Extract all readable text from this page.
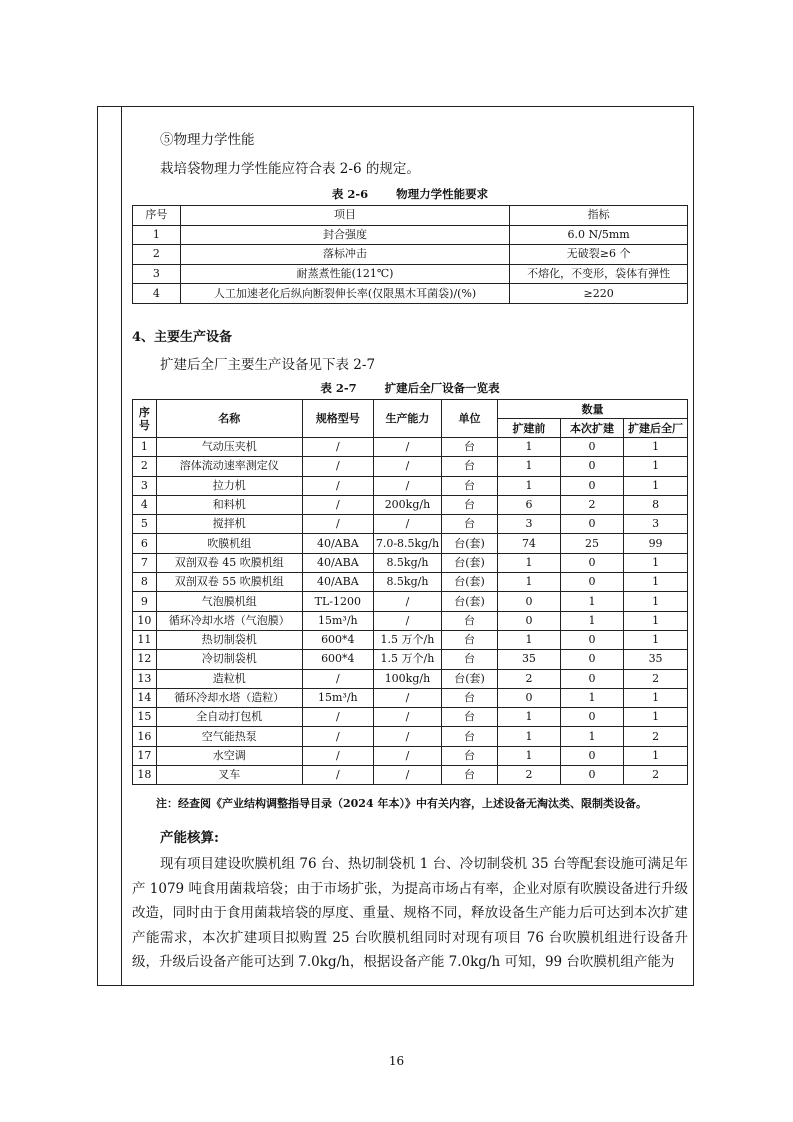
⑤物理力学性能

栽培袋物理力学性能应符合表 2-6 的规定。

表 2-6 物理力学性能要求
序号	项目	指标
1	封合强度	6.0 N/5mm
2	落标冲击	无破裂≥6 个
3	耐蒸煮性能(121℃)	不熔化，不变形，袋体有弹性
4	人工加速老化后纵向断裂伸长率(仅限黑木耳菌袋)/(%)	≥220

4、主要生产设备

扩建后全厂主要生产设备见下表 2-7

表 2-7 扩建后全厂设备一览表
序号	名称	规格型号	生产能力	单位	数量		
					扩建前	本次扩建	扩建后全厂
1	气动压夹机	/	/	台	1	0	1
2	溶体流动速率测定仪	/	/	台	1	0	1
3	拉力机	/	/	台	1	0	1
4	和料机	/	200kg/h	台	6	2	8
5	搅拌机	/	/	台	3	0	3
6	吹膜机组	40/ABA	7.0-8.5kg/h	台(套)	74	25	99
7	双剖双卷 45 吹膜机组	40/ABA	8.5kg/h	台(套)	1	0	1
8	双剖双卷 55 吹膜机组	40/ABA	8.5kg/h	台(套)	1	0	1
9	气泡膜机组	TL-1200	/	台(套)	0	1	1
10	循环冷却水塔（气泡膜）	15m³/h	/	台	0	1	1
11	热切制袋机	600*4	1.5 万个/h	台	1	0	1
12	冷切制袋机	600*4	1.5 万个/h	台	35	0	35
13	造粒机	/	100kg/h	台(套)	2	0	2
14	循环冷却水塔（造粒）	15m³/h	/	台	0	1	1
15	全自动打包机	/	/	台	1	0	1
16	空气能热泵	/	/	台	1	1	2
17	水空调	/	/	台	1	0	1
18	叉车	/	/	台	2	0	2

注：经查阅《产业结构调整指导目录（2024 年本）》中有关内容，上述设备无淘汰类、限制类设备。

产能核算:

现有项目建设吹膜机组 76 台、热切制袋机 1 台、冷切制袋机 35 台等配套设施可满足年产 1079 吨食用菌栽培袋；由于市场扩张，为提高市场占有率，企业对原有吹膜设备进行升级改造，同时由于食用菌栽培袋的厚度、重量、规格不同，释放设备生产能力后可达到本次扩建产能需求，本次扩建项目拟购置 25 台吹膜机组同时对现有项目 76 台吹膜机组进行设备升级，升级后设备产能可达到 7.0kg/h，根据设备产能 7.0kg/h 可知，99 台吹膜机组产能为

16
